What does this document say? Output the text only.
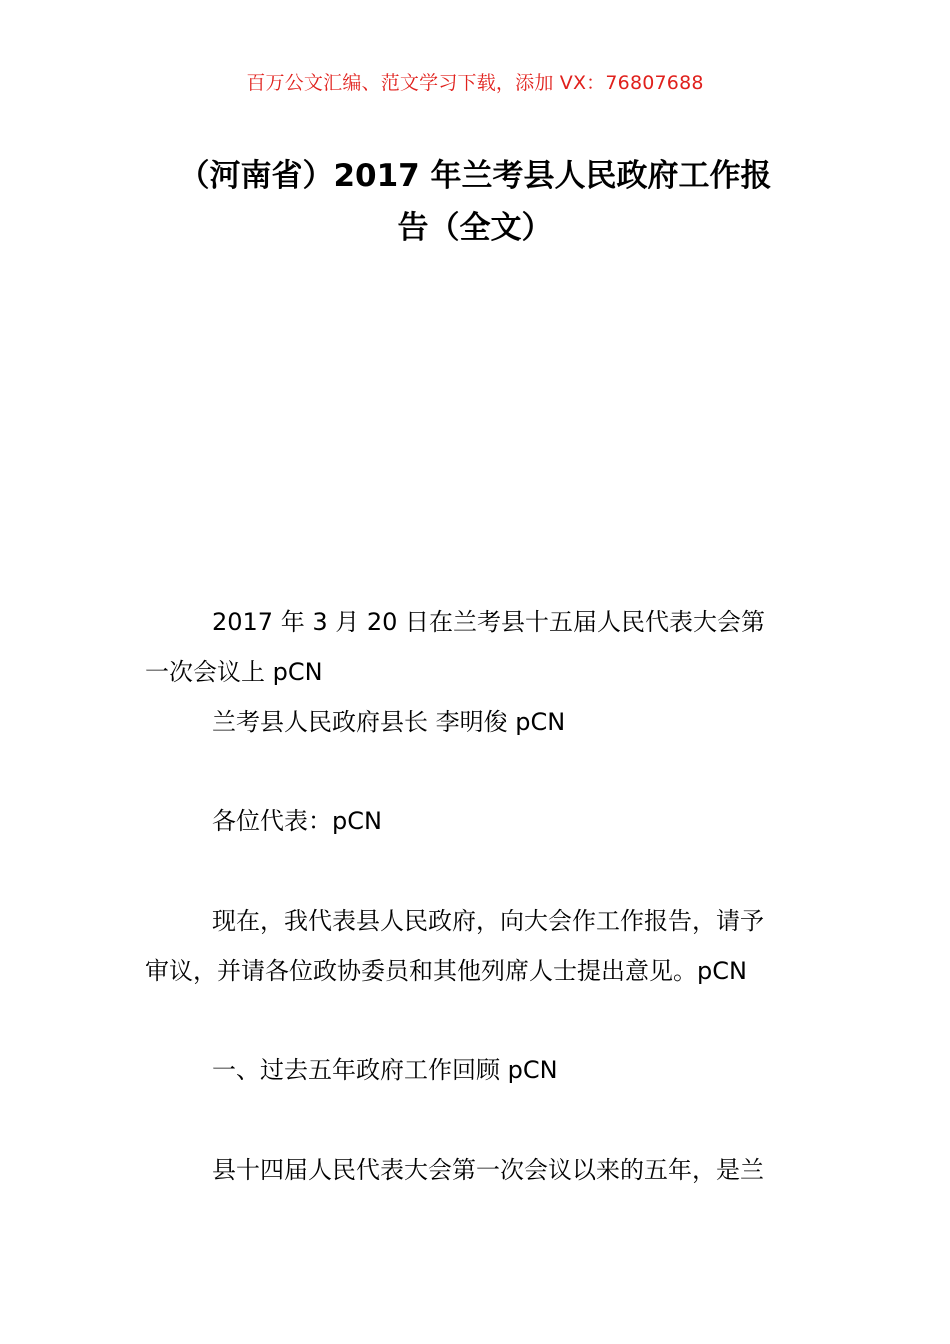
百万公文汇编、范文学习下载，添加 VX：76807688
（河南省）2017 年兰考县人民政府工作报
告（全文）
2017 年 3 月 20 日在兰考县十五届人民代表大会第
一次会议上 pCN
兰考县人民政府县长 李明俊 pCN
各位代表：pCN
现在，我代表县人民政府，向大会作工作报告，请予
审议，并请各位政协委员和其他列席人士提出意见。pCN
一、过去五年政府工作回顾 pCN
县十四届人民代表大会第一次会议以来的五年，是兰
